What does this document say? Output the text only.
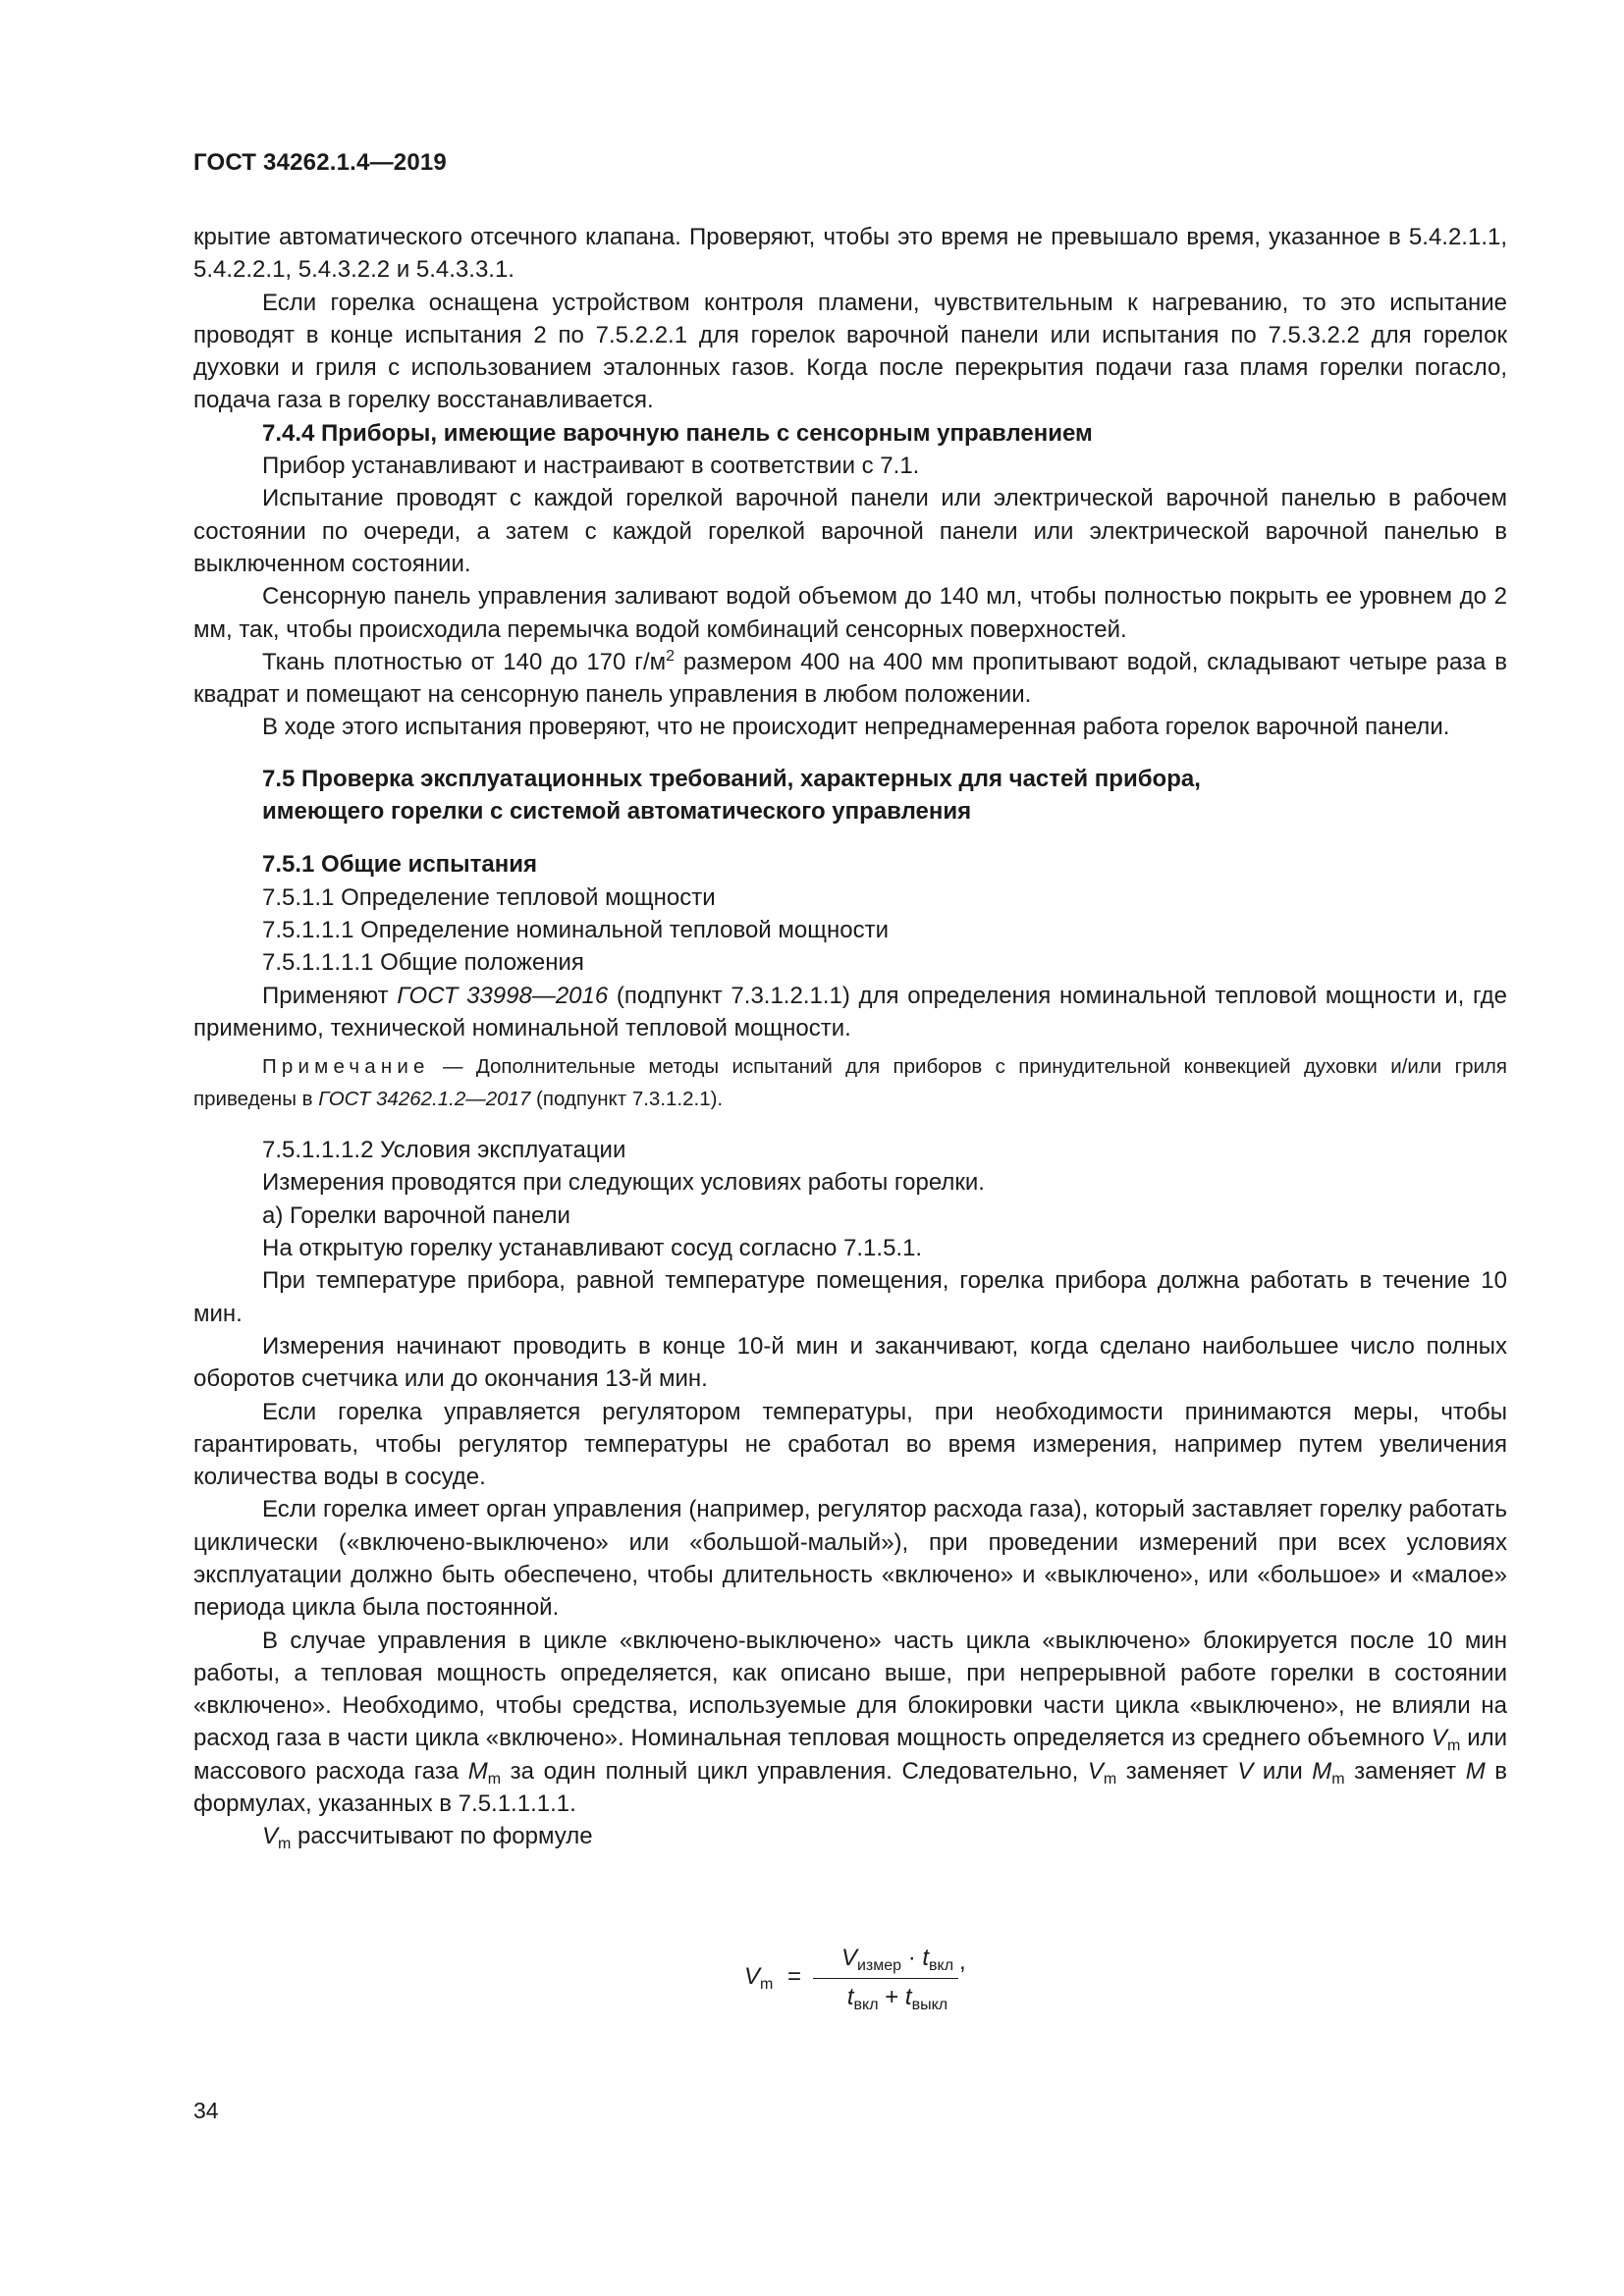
ГОСТ 34262.1.4—2019

крытие автоматического отсечного клапана. Проверяют, чтобы это время не превышало время, указанное в 5.4.2.1.1, 5.4.2.2.1, 5.4.3.2.2 и 5.4.3.3.1.

Если горелка оснащена устройством контроля пламени, чувствительным к нагреванию, то это испытание проводят в конце испытания 2 по 7.5.2.2.1 для горелок варочной панели или испытания по 7.5.3.2.2 для горелок духовки и гриля с использованием эталонных газов. Когда после перекрытия подачи газа пламя горелки погасло, подача газа в горелку восстанавливается.

7.4.4 Приборы, имеющие варочную панель с сенсорным управлением

Прибор устанавливают и настраивают в соответствии с 7.1.

Испытание проводят с каждой горелкой варочной панели или электрической варочной панелью в рабочем состоянии по очереди, а затем с каждой горелкой варочной панели или электрической варочной панелью в выключенном состоянии.

Сенсорную панель управления заливают водой объемом до 140 мл, чтобы полностью покрыть ее уровнем до 2 мм, так, чтобы происходила перемычка водой комбинаций сенсорных поверхностей.

Ткань плотностью от 140 до 170 $г/м^2$ размером 400 на 400 мм пропитывают водой, складывают четыре раза в квадрат и помещают на сенсорную панель управления в любом положении.

В ходе этого испытания проверяют, что не происходит непреднамеренная работа горелок варочной панели.

7.5 Проверка эксплуатационных требований, характерных для частей прибора,
имеющего горелки с системой автоматического управления

7.5.1 Общие испытания

7.5.1.1 Определение тепловой мощности

7.5.1.1.1 Определение номинальной тепловой мощности

7.5.1.1.1.1 Общие положения

Применяют ГОСТ 33998—2016 (подпункт 7.3.1.2.1.1) для определения номинальной тепловой мощности и, где применимо, технической номинальной тепловой мощности.

Примечание — Дополнительные методы испытаний для приборов с принудительной конвекцией духовки и/или гриля приведены в ГОСТ 34262.1.2—2017 (подпункт 7.3.1.2.1).

7.5.1.1.1.2 Условия эксплуатации

Измерения проводятся при следующих условиях работы горелки.

а) Горелки варочной панели

На открытую горелку устанавливают сосуд согласно 7.1.5.1.

При температуре прибора, равной температуре помещения, горелка прибора должна работать в течение 10 мин.

Измерения начинают проводить в конце 10-й мин и заканчивают, когда сделано наибольшее число полных оборотов счетчика или до окончания 13-й мин.

Если горелка управляется регулятором температуры, при необходимости принимаются меры, чтобы гарантировать, чтобы регулятор температуры не сработал во время измерения, например путем увеличения количества воды в сосуде.

Если горелка имеет орган управления (например, регулятор расхода газа), который заставляет горелку работать циклически («включено-выключено» или «большой-малый»), при проведении измерений при всех условиях эксплуатации должно быть обеспечено, чтобы длительность «включено» и «выключено», или «большое» и «малое» периода цикла была постоянной.

В случае управления в цикле «включено-выключено» часть цикла «выключено» блокируется после 10 мин работы, а тепловая мощность определяется, как описано выше, при непрерывной работе горелки в состоянии «включено». Необходимо, чтобы средства, используемые для блокировки части цикла «выключено», не влияли на расход газа в части цикла «включено». Номинальная тепловая мощность определяется из среднего объемного $V_m$ или массового расхода газа $M_m$ за один полный цикл управления. Следовательно, $V_m$ заменяет V или $M_m$ заменяет M в формулах, указанных в 7.5.1.1.1.1.

$V_m$ рассчитывают по формуле

$V_m$ =
$V_{измер} \cdot t_{вкл}$ ,
$t_{вкл} + t_{выкл}$
34
